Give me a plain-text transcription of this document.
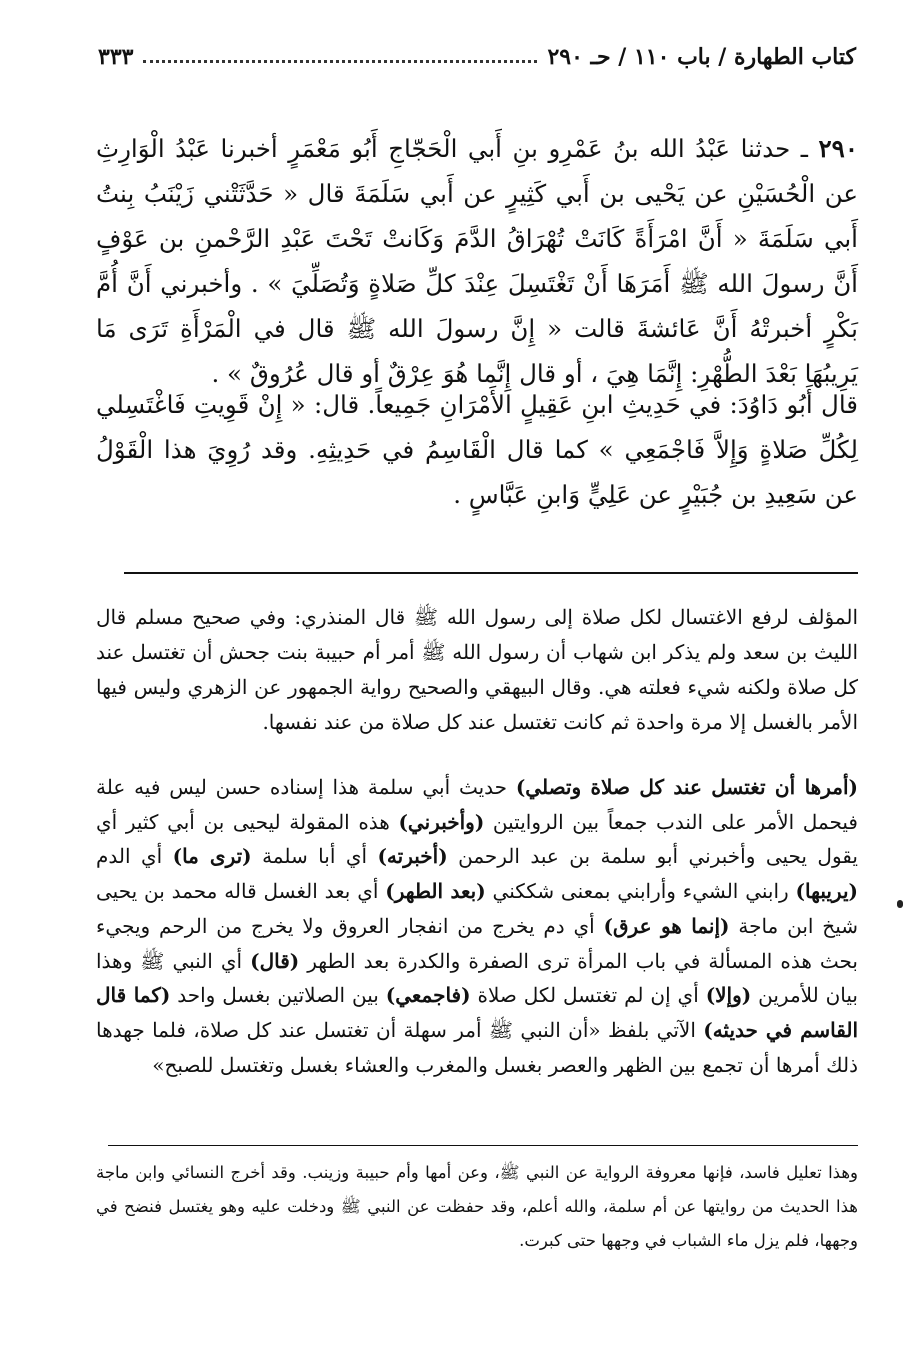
كتاب الطهارة / باب ١١٠ / حـ ٢٩٠
٣٣٣
٢٩٠ ـ حدثنا عَبْدُ الله بنُ عَمْرِو بنِ أَبي الْحَجّاجِ أَبُو مَعْمَرٍ أخبرنا عَبْدُ الْوَارِثِ عن الْحُسَيْنِ عن يَحْيى بن أَبي كَثِيرٍ عن أَبي سَلَمَةَ قال « حَدَّثَتْني زَيْنَبُ بِنتُ أَبي سَلَمَةَ « أَنَّ امْرَأَةً كَانَتْ تُهْرَاقُ الدَّمَ وَكَانتْ تَحْتَ عَبْدِ الرَّحْمنِ بن عَوْفٍ أَنَّ رسولَ الله ﷺ أَمَرَهَا أَنْ تَغْتَسِلَ عِنْدَ كلِّ صَلاةٍ وَتُصَلِّيَ » . وأخبرني أَنَّ أُمَّ بَكْرٍ أخبرتْهُ أَنَّ عَائشةَ قالت « إِنَّ رسولَ الله ﷺ قال في الْمَرْأَةِ تَرَى مَا يَرِيبُهَا بَعْدَ الطُّهْرِ: إِنَّمَا هِيَ ، أو قال إِنَّما هُوَ عِرْقٌ أو قال عُرُوقٌ » .
قال أَبُو دَاوُدَ: في حَدِيثِ ابنِ عَقِيلٍ الأَمْرَانِ جَمِيعاً. قال: « إِنْ قَوِيتِ فَاغْتَسِلي لِكُلِّ صَلاةٍ وَإِلاَّ فَاجْمَعِي » كما قال الْقَاسِمُ في حَدِيثِهِ. وقد رُوِيَ هذا الْقَوْلُ عن سَعِيدِ بن جُبَيْرٍ عن عَلِيٍّ وَابنِ عَبَّاسٍ .
المؤلف لرفع الاغتسال لكل صلاة إلى رسول الله ﷺ قال المنذري: وفي صحيح مسلم قال الليث بن سعد ولم يذكر ابن شهاب أن رسول الله ﷺ أمر أم حبيبة بنت جحش أن تغتسل عند كل صلاة ولكنه شيء فعلته هي. وقال البيهقي والصحيح رواية الجمهور عن الزهري وليس فيها الأمر بالغسل إلا مرة واحدة ثم كانت تغتسل عند كل صلاة من عند نفسها.
(أمرها أن تغتسل عند كل صلاة وتصلي) حديث أبي سلمة هذا إسناده حسن ليس فيه علة فيحمل الأمر على الندب جمعاً بين الروايتين (وأخبرني) هذه المقولة ليحيى بن أبي كثير أي يقول يحيى وأخبرني أبو سلمة بن عبد الرحمن (أخبرته) أي أبا سلمة (ترى ما) أي الدم (يريبها) رابني الشيء وأرابني بمعنى شككني (بعد الطهر) أي بعد الغسل قاله محمد بن يحيى شيخ ابن ماجة (إنما هو عرق) أي دم يخرج من انفجار العروق ولا يخرج من الرحم ويجيء بحث هذه المسألة في باب المرأة ترى الصفرة والكدرة بعد الطهر (قال) أي النبي ﷺ وهذا بيان للأمرين (وإلا) أي إن لم تغتسل لكل صلاة (فاجمعي) بين الصلاتين بغسل واحد (كما قال القاسم في حديثه) الآتي بلفظ «أن النبي ﷺ أمر سهلة أن تغتسل عند كل صلاة، فلما جهدها ذلك أمرها أن تجمع بين الظهر والعصر بغسل والمغرب والعشاء بغسل وتغتسل للصبح»
وهذا تعليل فاسد، فإنها معروفة الرواية عن النبي ﷺ، وعن أمها وأم حبيبة وزينب. وقد أخرج النسائي وابن ماجة هذا الحديث من روايتها عن أم سلمة، والله أعلم، وقد حفظت عن النبي ﷺ ودخلت عليه وهو يغتسل فنضح في وجهها، فلم يزل ماء الشباب في وجهها حتى كبرت.
